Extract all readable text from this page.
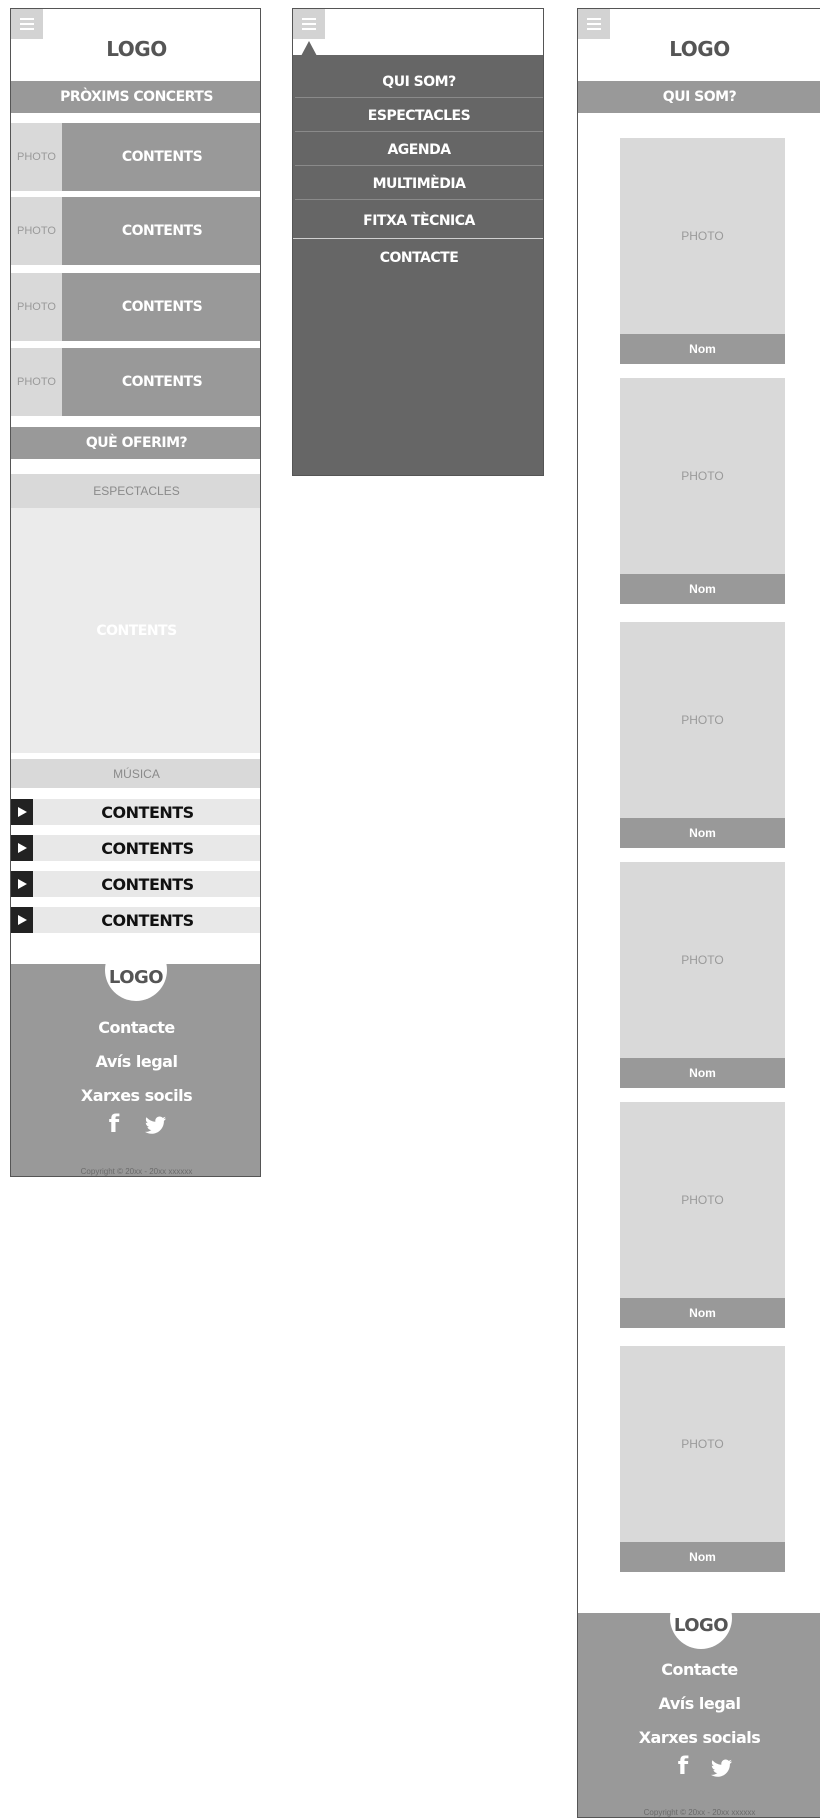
LOGO
PRÒXIMS CONCERTS
PHOTO	CONTENTS
PHOTO	CONTENTS
PHOTO	CONTENTS
PHOTO	CONTENTS
QUÈ OFERIM?
ESPECTACLES
CONTENTS
MÚSICA
CONTENTS
CONTENTS
CONTENTS
CONTENTS
LOGO
Contacte
Avís legal
Xarxes socils
f
Copyright © 20xx - 20xx xxxxxx
QUI SOM?
ESPECTACLES
AGENDA
MULTIMÈDIA
FITXA TÈCNICA
CONTACTE
LOGO
QUI SOM?
PHOTO
Nom
PHOTO
Nom
PHOTO
Nom
PHOTO
Nom
PHOTO
Nom
PHOTO
Nom
LOGO
Contacte
Avís legal
Xarxes socials
f
Copyright © 20xx - 20xx xxxxxx
